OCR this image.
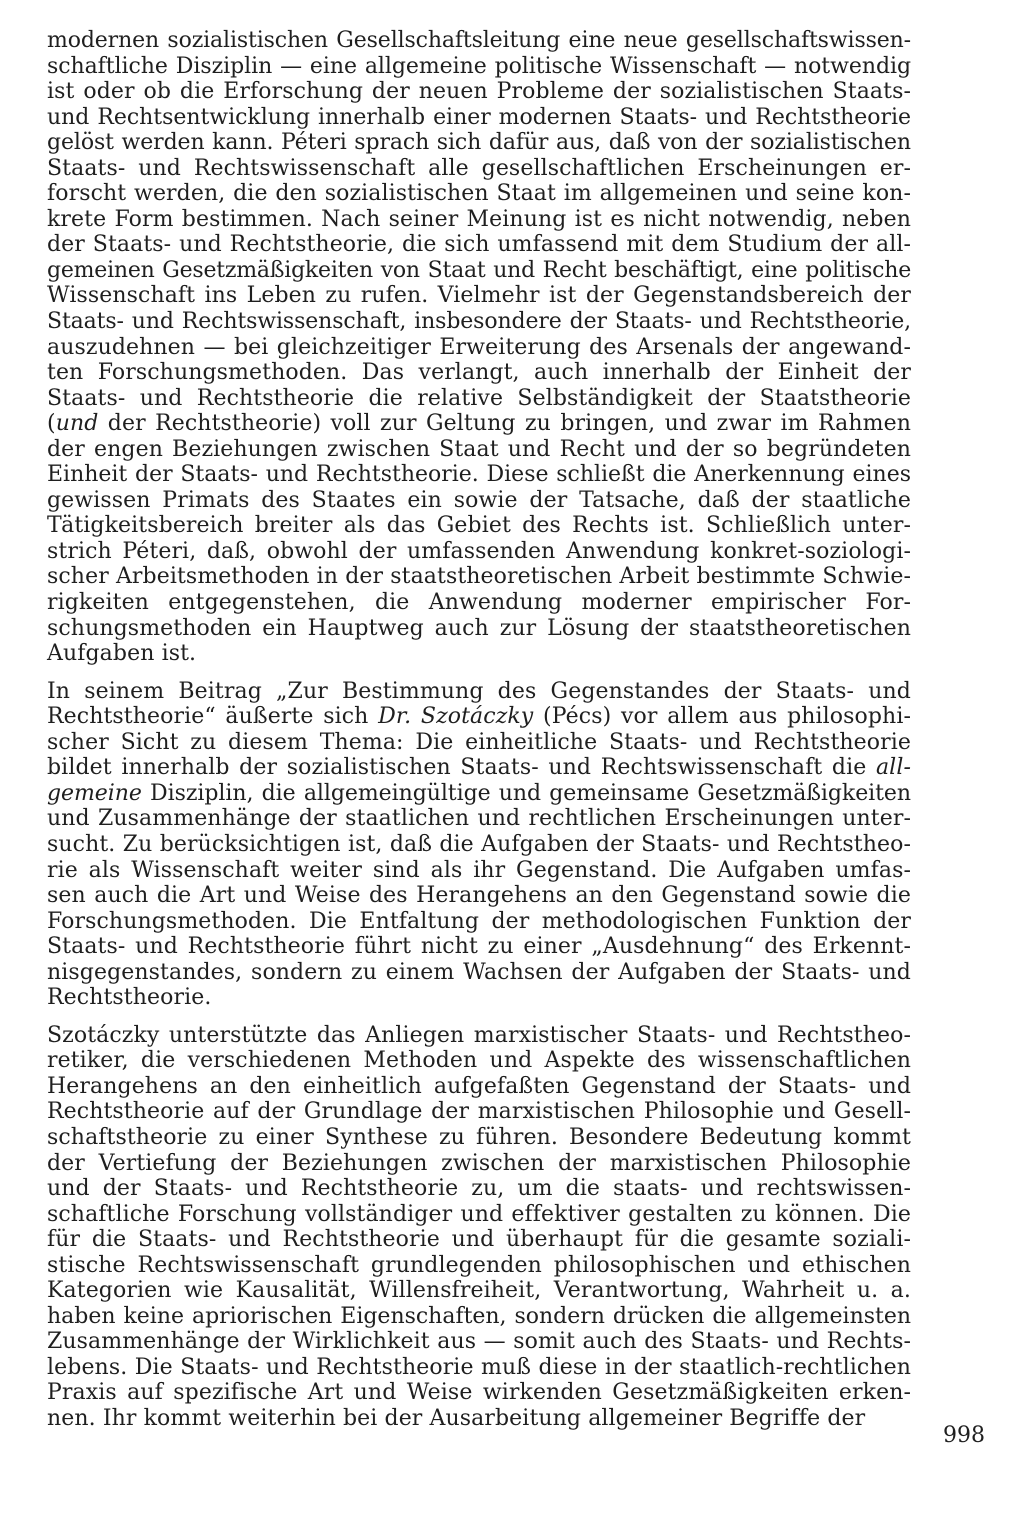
modernen sozialistischen Gesellschaftsleitung eine neue gesellschaftswissen-
schaftliche Disziplin — eine allgemeine politische Wissenschaft — notwendig
ist oder ob die Erforschung der neuen Probleme der sozialistischen Staats-
und Rechtsentwicklung innerhalb einer modernen Staats- und Rechtstheorie
gelöst werden kann. Péteri sprach sich dafür aus, daß von der sozialistischen
Staats- und Rechtswissenschaft alle gesellschaftlichen Erscheinungen er-
forscht werden, die den sozialistischen Staat im allgemeinen und seine kon-
krete Form bestimmen. Nach seiner Meinung ist es nicht notwendig, neben
der Staats- und Rechtstheorie, die sich umfassend mit dem Studium der all-
gemeinen Gesetzmäßigkeiten von Staat und Recht beschäftigt, eine politische
Wissenschaft ins Leben zu rufen. Vielmehr ist der Gegenstandsbereich der
Staats- und Rechtswissenschaft, insbesondere der Staats- und Rechtstheorie,
auszudehnen — bei gleichzeitiger Erweiterung des Arsenals der angewand-
ten Forschungsmethoden. Das verlangt, auch innerhalb der Einheit der
Staats- und Rechtstheorie die relative Selbständigkeit der Staatstheorie
(und der Rechtstheorie) voll zur Geltung zu bringen, und zwar im Rahmen
der engen Beziehungen zwischen Staat und Recht und der so begründeten
Einheit der Staats- und Rechtstheorie. Diese schließt die Anerkennung eines
gewissen Primats des Staates ein sowie der Tatsache, daß der staatliche
Tätigkeitsbereich breiter als das Gebiet des Rechts ist. Schließlich unter-
strich Péteri, daß, obwohl der umfassenden Anwendung konkret-soziologi-
scher Arbeitsmethoden in der staatstheoretischen Arbeit bestimmte Schwie-
rigkeiten entgegenstehen, die Anwendung moderner empirischer For-
schungsmethoden ein Hauptweg auch zur Lösung der staatstheoretischen
Aufgaben ist.
In seinem Beitrag „Zur Bestimmung des Gegenstandes der Staats- und
Rechtstheorie“ äußerte sich Dr. Szotáczky (Pécs) vor allem aus philosophi-
scher Sicht zu diesem Thema: Die einheitliche Staats- und Rechtstheorie
bildet innerhalb der sozialistischen Staats- und Rechtswissenschaft die all-
gemeine Disziplin, die allgemeingültige und gemeinsame Gesetzmäßigkeiten
und Zusammenhänge der staatlichen und rechtlichen Erscheinungen unter-
sucht. Zu berücksichtigen ist, daß die Aufgaben der Staats- und Rechtstheo-
rie als Wissenschaft weiter sind als ihr Gegenstand. Die Aufgaben umfas-
sen auch die Art und Weise des Herangehens an den Gegenstand sowie die
Forschungsmethoden. Die Entfaltung der methodologischen Funktion der
Staats- und Rechtstheorie führt nicht zu einer „Ausdehnung“ des Erkennt-
nisgegenstandes, sondern zu einem Wachsen der Aufgaben der Staats- und
Rechtstheorie.
Szotáczky unterstützte das Anliegen marxistischer Staats- und Rechtstheo-
retiker, die verschiedenen Methoden und Aspekte des wissenschaftlichen
Herangehens an den einheitlich aufgefaßten Gegenstand der Staats- und
Rechtstheorie auf der Grundlage der marxistischen Philosophie und Gesell-
schaftstheorie zu einer Synthese zu führen. Besondere Bedeutung kommt
der Vertiefung der Beziehungen zwischen der marxistischen Philosophie
und der Staats- und Rechtstheorie zu, um die staats- und rechtswissen-
schaftliche Forschung vollständiger und effektiver gestalten zu können. Die
für die Staats- und Rechtstheorie und überhaupt für die gesamte soziali-
stische Rechtswissenschaft grundlegenden philosophischen und ethischen
Kategorien wie Kausalität, Willensfreiheit, Verantwortung, Wahrheit u. a.
haben keine apriorischen Eigenschaften, sondern drücken die allgemeinsten
Zusammenhänge der Wirklichkeit aus — somit auch des Staats- und Rechts-
lebens. Die Staats- und Rechtstheorie muß diese in der staatlich-rechtlichen
Praxis auf spezifische Art und Weise wirkenden Gesetzmäßigkeiten erken-
nen. Ihr kommt weiterhin bei der Ausarbeitung allgemeiner Begriffe der
998
